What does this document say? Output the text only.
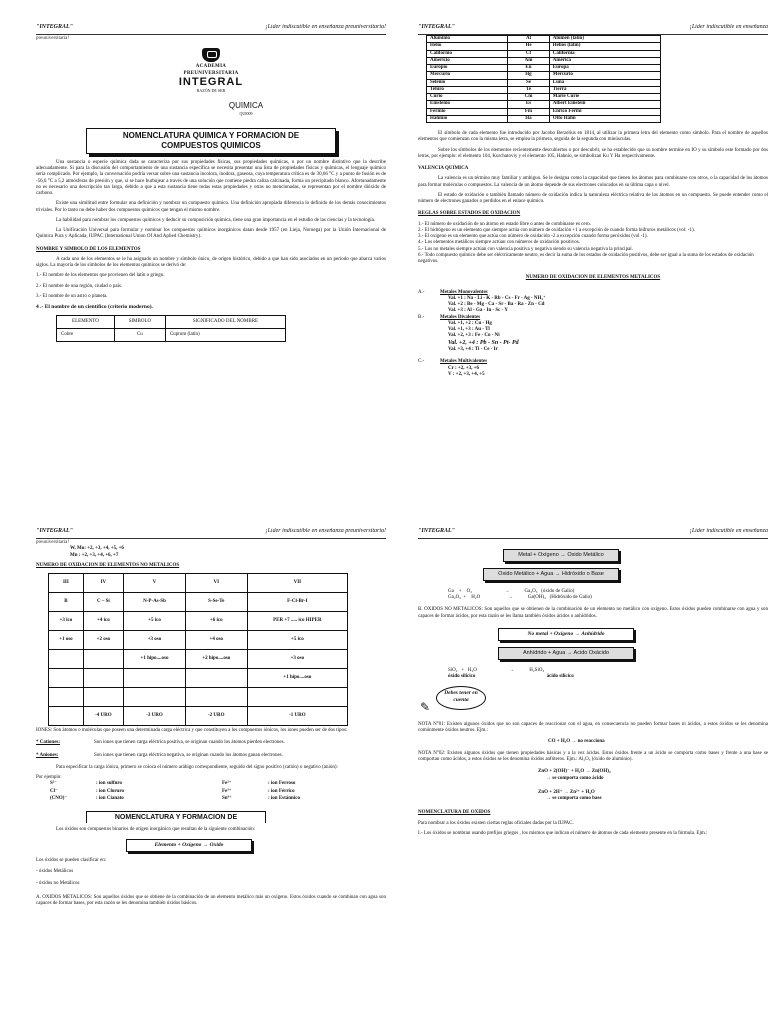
"INTEGRAL"	¡Líder indiscutible en enseñanza preuniversitaria!
preuniversitaria!
ACADEMIA PREUNIVERSITARIA
INTEGRAL
RAZÓN DE SER
QUIMICA
QUI009
NOMENCLATURA QUIMICA Y FORMACION DE
COMPUESTOS QUIMICOS

Una sustancia o especie química dada se caracteriza por sus propiedades físicas, sus propiedades químicas, o por un nombre distintivo que la describe adecuadamente. Si para la discusión del comportamiento de una sustancia específica se necesita presentar una lista de propiedades físicas y químicas, el lenguaje químico sería complicado. Por ejemplo, la conversación podría versar sobre una sustancia incolora, inodora, gaseosa, cuya temperatura crítica es de 30,66 °C y a punto de fusión es de -56,6 °C a 5,2 atmósferas de presión y que, si se hace burbujear a través de una solución que contiene piedra caliza calcinada, forma un precipitado blanco. Afortunadamente no es necesario una descripción tan larga, debido a que a esta sustancia tiene todas estas propiedades y otras no mencionadas, se representan por el nombre dióxido de carbono.

Existe una similitud entre formular una definición y nombrar un compuesto químico. Una definición apropiada diferencia lo definido de los demás conocimientos triviales. Por lo tanto no debe haber dos compuestos químicos que tengan el mismo nombre.

La habilidad para nombrar los compuestos químicos y deducir su composición química, tiene una gran importancia en el estudio de las ciencias y la tecnología.

La Unificación Universal para formular y nominar los compuestos químicos inorgánicos datan desde 1957 (en Lieja, Noruega) por la Unión Internacional de Química Pura y Aplicada, IUPAC (International Union Of And Aplied Chemistry).

NOMBRE Y SIMBOLO DE LOS ELEMENTOS

A cada uno de los elementos se le ha asignado un nombre y símbolo único, de origen histórico, debido a que han sido asociados en un periodo que abarca varios siglos. La mayoría de los símbolos de los elementos químicos se derivó de:

1.- El nombre de los elementos que provienen del latín o griego.
2.- El nombre de una región, ciudad o país.
3.- El nombre de un astro o planeta.
4 .- El nombre de un científico (criterio moderno).
ELEMENTO	SIMBOLO	SIGNIFICADO DEL NOMBRE
Cobre	Cu	Cuprum (latín)
"INTEGRAL"	¡Líder indiscutible en enseñanza
Aluminio	Al	Alumen (latín)
Helio	He	Helios (latín)
Californio	Cf	California
Americio	Am	América
Europio	Eu	Europa
Mercurio	Hg	Mercurio
Selenio	Se	Luna
Teluro	Te	Tierra
Curio	Cm	Marie Curie
Einstenio	Es	Albert Einstein
Fermio	Fm	Enrico Fermi
Hahmio	Ha	Otto Hahn

El símbolo de cada elemento fue introducido por Jacobo Berzelius en 1814, al utilizar la primera letra del elemento como símbolo. Para el nombre de aquellos elementos que comienzan con la misma letra, se emplea la primera, seguida de la segunda con minúsculas.

Sobre los símbolos de los elementos recientemente descubiertos o por descubrir, se ha establecido que su nombre termine en IO y su símbolo este formado por dos letras, por ejemplo: el elemento 104, Kurchatoviy y el elemento 105, Hahnio, se simbolizan Ku Y Ha respectivamente.

VALENCIA QUIMICA

La valencia es un término muy familiar y ambiguo. Se le designa como la capacidad que tienen los átomos para combinarse con otros, o la capacidad de los átomos para formar moléculas o compuestos. La valencia de un átomo depende de sus electrones colocados en su última capa o nivel.

El estado de oxidación o también llamado número de oxidación indica la naturaleza eléctrica relativa de los átomos en un compuesto. Se puede entender como el número de electrones ganados o perdidos en el enlace químico.

REGLAS SOBRE ESTADOS DE OXIDACION
1.- El número de oxidación de un átomo en estado libre o antes de combinarse es cero.
2.- El hidrógeno es un elemento que siempre actúa con número de oxidación +1 a excepción de cuando forma hidruros metálicos (vol: -1).
3.- El oxígeno es un elemento que actúa con número de oxidación -2 a excepción cuando forma peróxidos (vol -1).
4.- Los elementos metálicos siempre actúan con números de oxidación positivos.
5.- Los no metales siempre actúan con valencia positiva y negativa siendo su valencia negativa la principal.
6.- Todo compuesto químico debe ser eléctricamente neutro, es decir la suma de los estados de oxidación positivos, debe ser igual a la suma de los estados de oxidación negativos.
NUMERO DE OXIDACION DE ELEMENTOS METALICOS
A.-	Metales Monovalentes
Val. +1 : Na - Li - K - Rb - Cs - Fr - Ag - NH₄⁺
Val. +2 : Be - Mg - Ca - Sr - Ba - Ra - Zn - Cd
Val. +3 : Al - Ga - In - Sc - Y
B.-	Metales Divalentes
Val. +1, +2 : Cu - Hg
Val. +1, +3 : Au - Tl
Val. +2, +3 : Fe - Co - Ni
Val. +2, +4 : Pb - Sn - Pt- Pd
Val. +3, +4 : Ti - Ce - Ir
C.-	Metales Multivalentes
Cr : +2, +3, +6
V : +2, +3, +4, +5
"INTEGRAL"	¡Líder indiscutible en enseñanza preuniversitaria!
preuniversitaria!
W, Mo: +2, +3, +4, +5, +6
Mn : +2, +3, +4, +6, +7
NUMERO DE OXIDACION DE ELEMENTOS NO METALICOS
III	IV	V	VI	VII
B	C – Si	N-P-As-Sb	S-Se-Te	F-Cl-Br-I
+3 ico	+4 ico	+5 ico	+6 ico	PER +7 ..... ico HIPER
+1 oso	+2 oso	+3 oso	+4 oso	+5 ico
		+1 hipo....oso	+2 hipo....oso	+3 oso
				+1 hipo....oso

	-4 URO	-3 URO	-2 URO	-1 URO

IONES: Son átomos o moléculas que poseen una determinada carga eléctrica y que constituyen a los compuestos iónicos, los iones pueden ser de dos tipos:

* Cationes:	Son iones que tienen carga eléctrica positiva, se originan cuando los átomos pierden electrones.
* Aniones:	Son iones que tienen carga eléctrica negativa, se originan cuando los átomos ganan electrones.

Para especificar la carga iónica, primero se coloca el número arábigo correspondiente, seguido del signo positivo (catión) o negativo (anión):

Por ejemplo:
S²⁻	: ion sulfuro	Fe²⁺	: ion Ferroso
Cl⁻	: ion Cloruro	Fe³⁺	: ion Férrico
(CNO)⁻	: ion Cianato	Sn⁴⁺	: ion Estánnico
NOMENCLATURA Y FORMACION DE

Los óxidos son compuestos binarios de origen inorgánico que resultan de la siguiente combinación:

Elemento + Oxígeno → Oxido
Los óxidos se pueden clasificar en:
- óxidos Metálicos
- óxidos no Metálicos

A. OXIDOS METALICOS: Son aquellos óxidos que se obtiene de la combinación de un elemento metálico más un oxígeno. Estos óxidos cuando se combinan con agua son capaces de formar bases, por esta razón se les denomina también óxidos básicos.

"INTEGRAL"	¡Líder indiscutible en enseñanza
Metal + Oxígeno → Oxido Metálico
Oxido Metálico + Agua → Hidróxido o Base
Ga    +    O₂                          →            Ga₂O₃   (óxido de Galio)
Ga₂O₃  +    H₂O                      →            Ga(OH)₃   (Hidróxido de Galio)

B. OXIDOS NO METALICOS: Son aquellos que se obtienen de la combinación de un elemento no metálico con oxígeno. Estos óxidos pueden combinarse con agua y son capaces de formar ácidos, por esta razón se les llama también óxidos ácidos o anhídridos.

No metal + Oxígeno → Anhídrido
Anhídrido + Agua → Acido Oxácido
SiO₂   +   H₂O                          →            H₂SiO₃
óxido silícico                                                         ácido silícico
Debes tener en cuenta
✎

NOTA N°01: Existen algunos óxidos que no son capaces de reaccionar con el agua, en consecuencia no pueden formar bases ni ácidos, a estos óxidos se les denomina comúnmente óxidos neutros. Ejm.:

CO + H₂O → no reacciona

NOTA N°02: Existen algunos óxidos que tienen propiedades básicas y a la vez ácidas. Estos óxidos frente a un ácido se comporta como bases y frente a una base se comportan como ácidos, a estos óxidos se les denomina óxidos anfóteros. Ejm.: Al₂O₃ (óxido de aluminio).

ZnO + 2(OH)⁻ + H₂O → Zn(OH)₄
→ se comporta como ácido
ZnO + 2H⁺ → Zn²⁺ + H₂O
→ se comporta como base
NOMENCLATURA DE OXIDOS

Para nombrar a los óxidos existen ciertas reglas oficiales dadas por la IUPAC.

I.- Los óxidos se nombran usando prefijos griegos , los mismos que indican el número de átomos de cada elemento presente en la fórmula. Ejm.:
